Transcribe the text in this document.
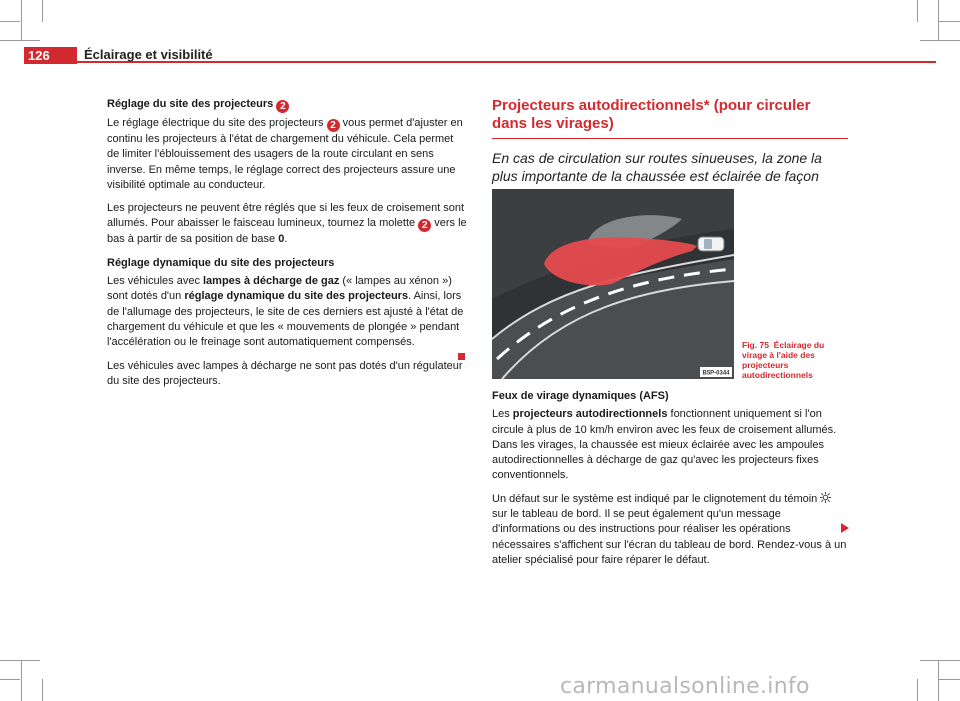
126	Éclairage et visibilité

Réglage du site des projecteurs 2

Le réglage électrique du site des projecteurs 2 vous permet d'ajuster en continu les projecteurs à l'état de chargement du véhicule. Cela permet de limiter l'éblouissement des usagers de la route circulant en sens inverse. En même temps, le réglage correct des projecteurs assure une visibilité optimale au conducteur.

Les projecteurs ne peuvent être réglés que si les feux de croisement sont allumés. Pour abaisser le faisceau lumineux, tournez la molette 2 vers le bas à partir de sa position de base 0.

Réglage dynamique du site des projecteurs

Les véhicules avec lampes à décharge de gaz (« lampes au xénon ») sont dotés d'un réglage dynamique du site des projecteurs. Ainsi, lors de l'allumage des projecteurs, le site de ces derniers est ajusté à l'état de chargement du véhicule et que les « mouvements de plongée » pendant l'accélération ou le freinage sont automatiquement compensés.

Les véhicules avec lampes à décharge ne sont pas dotés d'un régulateur du site des projecteurs.

Projecteurs autodirectionnels* (pour circuler dans les virages)

En cas de circulation sur routes sinueuses, la zone la plus importante de la chaussée est éclairée de façon

B5P-0344
Fig. 75 Éclairage du virage à l'aide des projecteurs autodirectionnels

Feux de virage dynamiques (AFS)

Les projecteurs autodirectionnels fonctionnent uniquement si l'on circule à plus de 10 km/h environ avec les feux de croisement allumés. Dans les virages, la chaussée est mieux éclairée avec les ampoules autodirectionnelles à décharge de gaz qu'avec les projecteurs fixes conventionnels.

Un défaut sur le système est indiqué par le clignotement du témoin  sur le tableau de bord. Il se peut également qu'un message d'informations ou des instructions pour réaliser les opérations nécessaires s'affichent sur l'écran du tableau de bord. Rendez-vous à un atelier spécialisé pour faire réparer le défaut.

carmanualsonline.info
